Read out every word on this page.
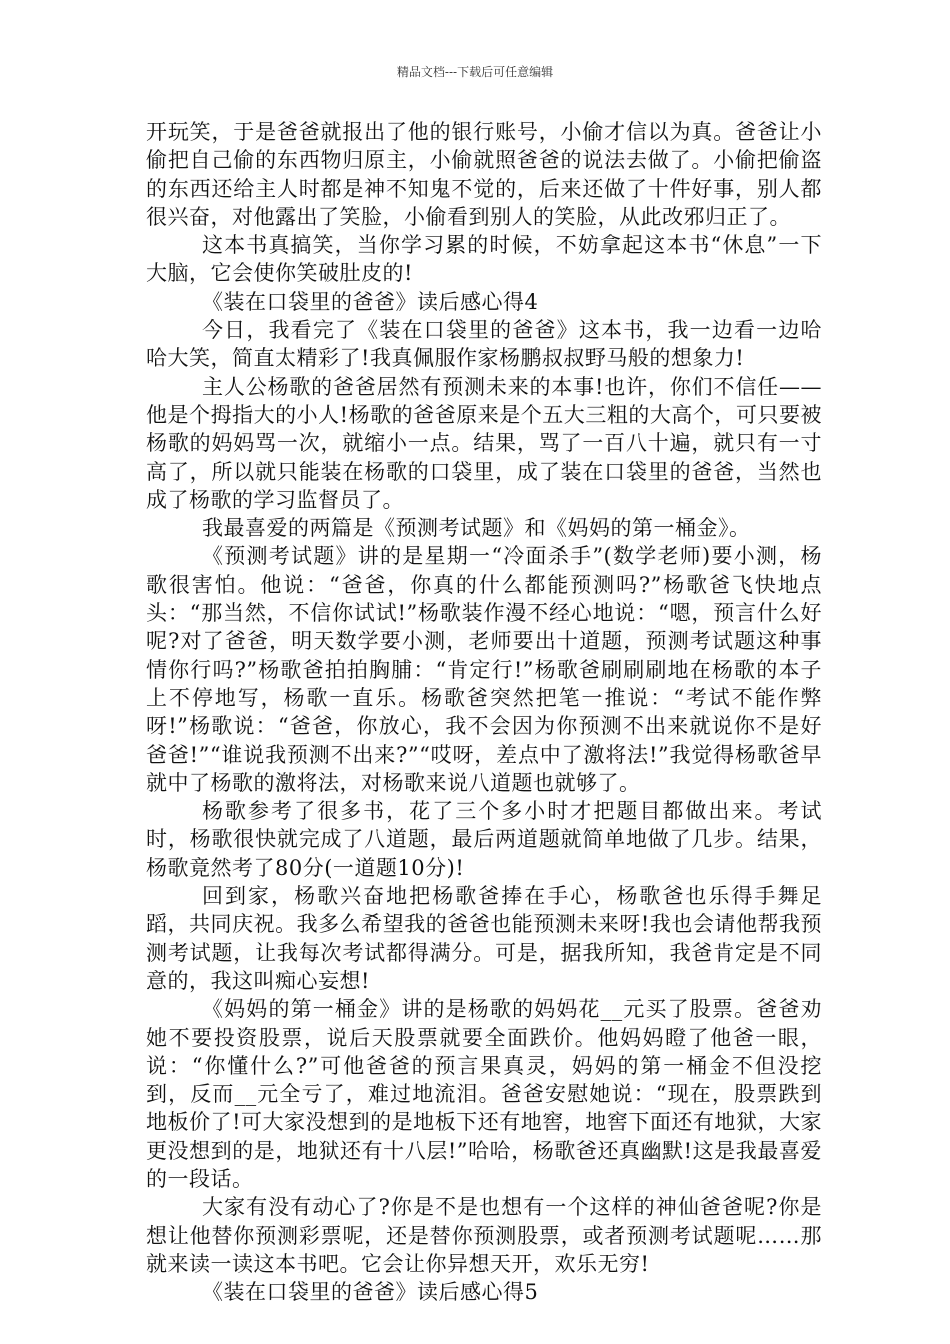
精品文档---下载后可任意编辑

开玩笑，于是爸爸就报出了他的银行账号，小偷才信以为真。爸爸让小偷把自己偷的东西物归原主，小偷就照爸爸的说法去做了。小偷把偷盗的东西还给主人时都是神不知鬼不觉的，后来还做了十件好事，别人都很兴奋，对他露出了笑脸，小偷看到别人的笑脸，从此改邪归正了。

这本书真搞笑，当你学习累的时候，不妨拿起这本书“休息”一下大脑，它会使你笑破肚皮的!

《装在口袋里的爸爸》读后感心得4

今日，我看完了《装在口袋里的爸爸》这本书，我一边看一边哈哈大笑，简直太精彩了!我真佩服作家杨鹏叔叔野马般的想象力!

主人公杨歌的爸爸居然有预测未来的本事!也许，你们不信任——他是个拇指大的小人!杨歌的爸爸原来是个五大三粗的大高个，可只要被杨歌的妈妈骂一次，就缩小一点。结果，骂了一百八十遍，就只有一寸高了，所以就只能装在杨歌的口袋里，成了装在口袋里的爸爸，当然也成了杨歌的学习监督员了。

我最喜爱的两篇是《预测考试题》和《妈妈的第一桶金》。

《预测考试题》讲的是星期一“冷面杀手”(数学老师)要小测，杨歌很害怕。他说：“爸爸，你真的什么都能预测吗?”杨歌爸飞快地点头：“那当然，不信你试试!”杨歌装作漫不经心地说：“嗯，预言什么好呢?对了爸爸，明天数学要小测，老师要出十道题，预测考试题这种事情你行吗?”杨歌爸拍拍胸脯：“肯定行!”杨歌爸刷刷刷地在杨歌的本子上不停地写，杨歌一直乐。杨歌爸突然把笔一推说：“考试不能作弊呀!”杨歌说：“爸爸，你放心，我不会因为你预测不出来就说你不是好爸爸!”“谁说我预测不出来?”“哎呀，差点中了激将法!”我觉得杨歌爸早就中了杨歌的激将法，对杨歌来说八道题也就够了。

杨歌参考了很多书，花了三个多小时才把题目都做出来。考试时，杨歌很快就完成了八道题，最后两道题就简单地做了几步。结果，杨歌竟然考了80分(一道题10分)!

回到家，杨歌兴奋地把杨歌爸捧在手心，杨歌爸也乐得手舞足蹈，共同庆祝。我多么希望我的爸爸也能预测未来呀!我也会请他帮我预测考试题，让我每次考试都得满分。可是，据我所知，我爸肯定是不同意的，我这叫痴心妄想!

《妈妈的第一桶金》讲的是杨歌的妈妈花__元买了股票。爸爸劝她不要投资股票，说后天股票就要全面跌价。他妈妈瞪了他爸一眼，说：“你懂什么?”可他爸爸的预言果真灵，妈妈的第一桶金不但没挖到，反而__元全亏了，难过地流泪。爸爸安慰她说：“现在，股票跌到地板价了!可大家没想到的是地板下还有地窖，地窖下面还有地狱，大家更没想到的是，地狱还有十八层!”哈哈，杨歌爸还真幽默!这是我最喜爱的一段话。

大家有没有动心了?你是不是也想有一个这样的神仙爸爸呢?你是想让他替你预测彩票呢，还是替你预测股票，或者预测考试题呢……那就来读一读这本书吧。它会让你异想天开，欢乐无穷!

《装在口袋里的爸爸》读后感心得5
